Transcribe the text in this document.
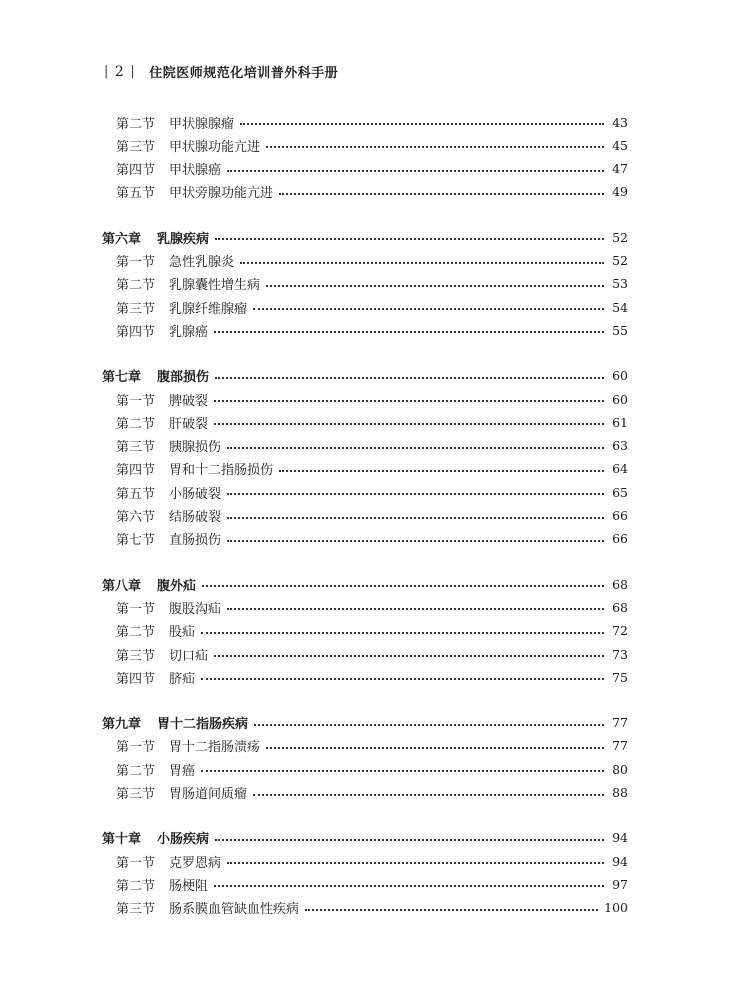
| 2 | 住院医师规范化培训普外科手册
第二节 甲状腺腺瘤	43
第三节 甲状腺功能亢进	45
第四节 甲状腺癌	47
第五节 甲状旁腺功能亢进	49
第六章 乳腺疾病	52
第一节 急性乳腺炎	52
第二节 乳腺囊性增生病	53
第三节 乳腺纤维腺瘤	54
第四节 乳腺癌	55
第七章 腹部损伤	60
第一节 脾破裂	60
第二节 肝破裂	61
第三节 胰腺损伤	63
第四节 胃和十二指肠损伤	64
第五节 小肠破裂	65
第六节 结肠破裂	66
第七节 直肠损伤	66
第八章 腹外疝	68
第一节 腹股沟疝	68
第二节 股疝	72
第三节 切口疝	73
第四节 脐疝	75
第九章 胃十二指肠疾病	77
第一节 胃十二指肠溃疡	77
第二节 胃癌	80
第三节 胃肠道间质瘤	88
第十章 小肠疾病	94
第一节 克罗恩病	94
第二节 肠梗阻	97
第三节 肠系膜血管缺血性疾病	100
